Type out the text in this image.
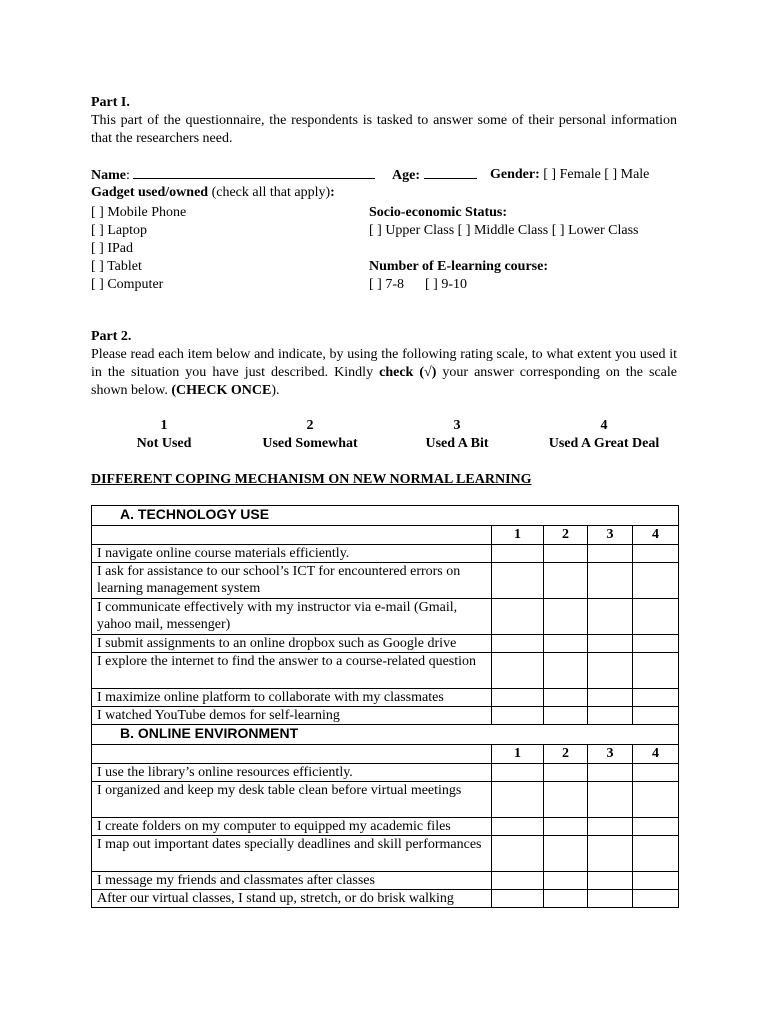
Part I.
This part of the questionnaire, the respondents is tasked to answer some of their personal information that the researchers need.
Name:	Age:	Gender: [ ] Female [ ] Male
Gadget used/owned (check all that apply):
[ ] Mobile Phone
[ ] Laptop
[ ] IPad
[ ] Tablet
[ ] Computer
Socio-economic Status:
[ ] Upper Class [ ] Middle Class [ ] Lower Class
Number of E-learning course:
[ ] 7-8 [ ] 9-10
Part 2.
Please read each item below and indicate, by using the following rating scale, to what extent you used it in the situation you have just described. Kindly check (√) your answer corresponding on the scale shown below. (CHECK ONCE).
1
Not Used
2
Used Somewhat
3
Used A Bit
4
Used A Great Deal
DIFFERENT COPING MECHANISM ON NEW NORMAL LEARNING
A. TECHNOLOGY USE				
	1	2	3	4
I navigate online course materials efficiently.				
I ask for assistance to our school’s ICT for encountered errors on learning management system				
I communicate effectively with my instructor via e-mail (Gmail, yahoo mail, messenger)				
I submit assignments to an online dropbox such as Google drive				
I explore the internet to find the answer to a course-related question				
I maximize online platform to collaborate with my classmates				
I watched YouTube demos for self-learning				
B. ONLINE ENVIRONMENT				
	1	2	3	4
I use the library’s online resources efficiently.				
I organized and keep my desk table clean before virtual meetings				
I create folders on my computer to equipped my academic files				
I map out important dates specially deadlines and skill performances				
I message my friends and classmates after classes				
After our virtual classes, I stand up, stretch, or do brisk walking				
